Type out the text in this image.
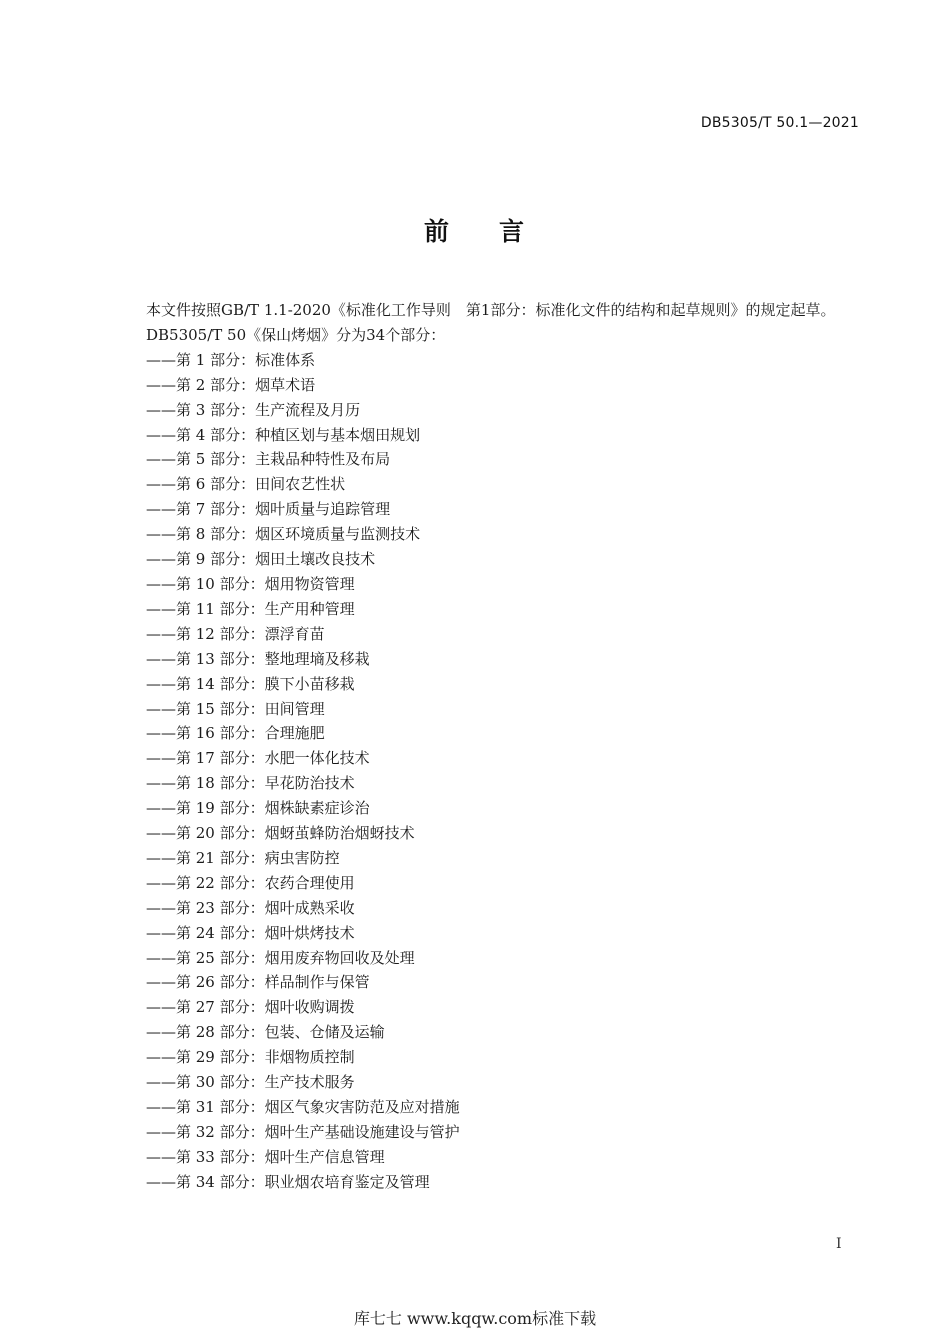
DB5305/T 50.1—2021
前 言

本文件按照GB/T 1.1-2020《标准化工作导则　第1部分：标准化文件的结构和起草规则》的规定起草。

DB5305/T 50《保山烤烟》分为34个部分：

——第 1 部分：标准体系
——第 2 部分：烟草术语
——第 3 部分：生产流程及月历
——第 4 部分：种植区划与基本烟田规划
——第 5 部分：主栽品种特性及布局
——第 6 部分：田间农艺性状
——第 7 部分：烟叶质量与追踪管理
——第 8 部分：烟区环境质量与监测技术
——第 9 部分：烟田土壤改良技术
——第 10 部分：烟用物资管理
——第 11 部分：生产用种管理
——第 12 部分：漂浮育苗
——第 13 部分：整地理墒及移栽
——第 14 部分：膜下小苗移栽
——第 15 部分：田间管理
——第 16 部分：合理施肥
——第 17 部分：水肥一体化技术
——第 18 部分：早花防治技术
——第 19 部分：烟株缺素症诊治
——第 20 部分：烟蚜茧蜂防治烟蚜技术
——第 21 部分：病虫害防控
——第 22 部分：农药合理使用
——第 23 部分：烟叶成熟采收
——第 24 部分：烟叶烘烤技术
——第 25 部分：烟用废弃物回收及处理
——第 26 部分：样品制作与保管
——第 27 部分：烟叶收购调拨
——第 28 部分：包装、仓储及运输
——第 29 部分：非烟物质控制
——第 30 部分：生产技术服务
——第 31 部分：烟区气象灾害防范及应对措施
——第 32 部分：烟叶生产基础设施建设与管护
——第 33 部分：烟叶生产信息管理
——第 34 部分：职业烟农培育鉴定及管理
I
库七七 www.kqqw.com标准下载
